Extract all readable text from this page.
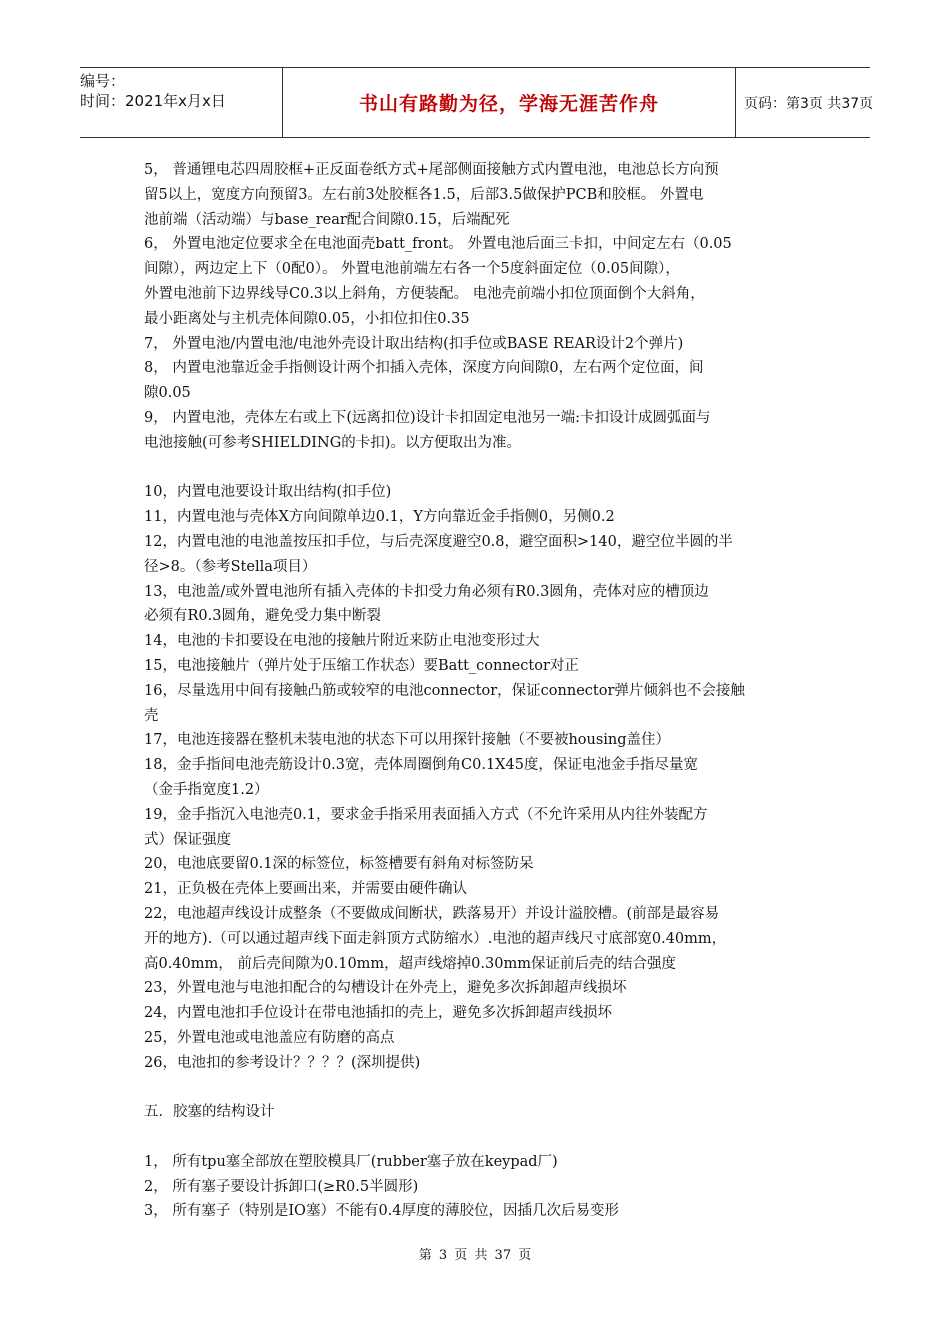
编号：
时间：2021年x月x日	书山有路勤为径，学海无涯苦作舟	页码：第3页 共37页
5， 普通锂电芯四周胶框+正反面卷纸方式+尾部侧面接触方式内置电池，电池总长方向预
留5以上，宽度方向预留3。左右前3处胶框各1.5，后部3.5做保护PCB和胶框。 外置电
池前端（活动端）与base_rear配合间隙0.15，后端配死
6， 外置电池定位要求全在电池面壳batt_front。 外置电池后面三卡扣，中间定左右（0.05
间隙），两边定上下（0配0）。 外置电池前端左右各一个5度斜面定位（0.05间隙），
外置电池前下边界线导C0.3以上斜角，方便装配。 电池壳前端小扣位顶面倒个大斜角，
最小距离处与主机壳体间隙0.05，小扣位扣住0.35
7， 外置电池/内置电池/电池外壳设计取出结构(扣手位或BASE REAR设计2个弹片)
8， 内置电池靠近金手指侧设计两个扣插入壳体，深度方向间隙0，左右两个定位面，间
隙0.05
9， 内置电池，壳体左右或上下(远离扣位)设计卡扣固定电池另一端:卡扣设计成圆弧面与
电池接触(可参考SHIELDING的卡扣)。以方便取出为准。
10，内置电池要设计取出结构(扣手位)
11，内置电池与壳体X方向间隙单边0.1，Y方向靠近金手指侧0，另侧0.2
12，内置电池的电池盖按压扣手位，与后壳深度避空0.8，避空面积>140，避空位半圆的半
径>8。（参考Stella项目）
13，电池盖/或外置电池所有插入壳体的卡扣受力角必须有R0.3圆角，壳体对应的槽顶边
必须有R0.3圆角，避免受力集中断裂
14，电池的卡扣要设在电池的接触片附近来防止电池变形过大
15，电池接触片（弹片处于压缩工作状态）要Batt_connector对正
16，尽量选用中间有接触凸筋或较窄的电池connector，保证connector弹片倾斜也不会接触
壳
17，电池连接器在整机未装电池的状态下可以用探针接触（不要被housing盖住）
18，金手指间电池壳筋设计0.3宽，壳体周圈倒角C0.1X45度，保证电池金手指尽量宽
（金手指宽度1.2）
19，金手指沉入电池壳0.1，要求金手指采用表面插入方式（不允许采用从内往外装配方
式）保证强度
20，电池底要留0.1深的标签位，标签槽要有斜角对标签防呆
21，正负极在壳体上要画出来，并需要由硬件确认
22，电池超声线设计成整条（不要做成间断状，跌落易开）并设计溢胶槽。(前部是最容易
开的地方).（可以通过超声线下面走斜顶方式防缩水）.电池的超声线尺寸底部宽0.40mm，
高0.40mm， 前后壳间隙为0.10mm，超声线熔掉0.30mm保证前后壳的结合强度
23，外置电池与电池扣配合的勾槽设计在外壳上，避免多次拆卸超声线损坏
24，内置电池扣手位设计在带电池插扣的壳上，避免多次拆卸超声线损坏
25，外置电池或电池盖应有防磨的高点
26，电池扣的参考设计？？？？(深圳提供)
五．胶塞的结构设计
1， 所有tpu塞全部放在塑胶模具厂(rubber塞子放在keypad厂)
2， 所有塞子要设计拆卸口(≥R0.5半圆形)
3， 所有塞子（特别是IO塞）不能有0.4厚度的薄胶位，因插几次后易变形
第 3 页 共 37 页
